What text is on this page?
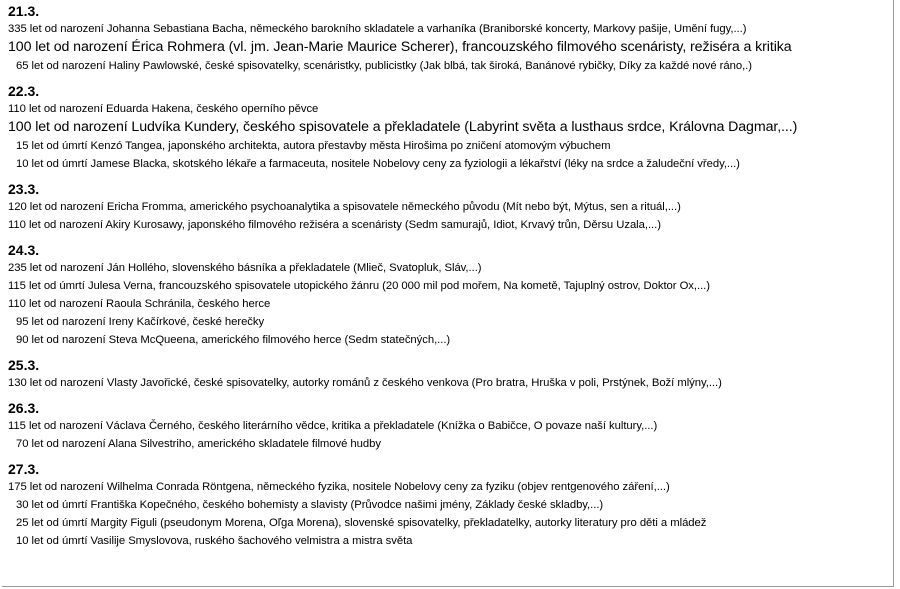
21.3.
335 let od narození Johanna Sebastiana Bacha, německého barokního skladatele a varhaníka (Braniborské koncerty, Markovy pašije, Umění fugy,...)
100 let od narození Érica Rohmera (vl. jm. Jean-Marie Maurice Scherer), francouzského filmového scenáristy, režiséra a kritika
65 let od narození Haliny Pawlowské, české spisovatelky, scenáristky, publicistky (Jak blbá, tak široká, Banánové rybičky, Díky za každé nové ráno,.)
22.3.
110 let od narození Eduarda Hakena, českého operního pěvce
100 let od narození Ludvíka Kundery, českého spisovatele a překladatele (Labyrint světa a lusthaus srdce, Královna Dagmar,...)
15 let od úmrtí Kenzó Tangea, japonského architekta, autora přestavby města Hirošima po zničení atomovým výbuchem
10 let od úmrtí Jamese Blacka, skotského lékaře a farmaceuta, nositele Nobelovy ceny za fyziologii a lékařství (léky na srdce a žaludeční vředy,...)
23.3.
120 let od narození Ericha Fromma, amerického psychoanalytika a spisovatele německého původu (Mít nebo být, Mýtus, sen a rituál,...)
110 let od narození Akiry Kurosawy, japonského filmového režiséra a scenáristy (Sedm samurajů, Idiot, Krvavý trůn, Děrsu Uzala,...)
24.3.
235 let od narození Ján Hollého, slovenského básníka a překladatele (Mlieč, Svatopluk, Sláv,...)
115 let od úmrtí Julesa Verna, francouzského spisovatele utopického žánru (20 000 mil pod mořem, Na kometě, Tajuplný ostrov, Doktor Ox,...)
110 let od narození Raoula Schránila, českého herce
95 let od narození Ireny Kačírkové, české herečky
90 let od narození Steva McQueena, amerického filmového herce (Sedm statečných,...)
25.3.
130 let od narození Vlasty Javořické, české spisovatelky, autorky románů z českého venkova (Pro bratra, Hruška v poli, Prstýnek, Boží mlýny,...)
26.3.
115 let od narození Václava Černého, českého literárního vědce, kritika a překladatele (Knížka o Babičce, O povaze naší kultury,...)
70 let od narození Alana Silvestriho, amerického skladatele filmové hudby
27.3.
175 let od narození Wilhelma Conrada Röntgena, německého fyzika, nositele Nobelovy ceny za fyziku (objev rentgenového záření,...)
30 let od úmrtí Františka Kopečného, českého bohemisty a slavisty (Průvodce našimi jmény, Základy české skladby,...)
25 let od úmrtí Margity Figuli (pseudonym Morena, Oľga Morena), slovenské spisovatelky, překladatelky, autorky literatury pro děti a mládež
10 let od úmrtí Vasilije Smyslovova, ruského šachového velmistra a mistra světa
